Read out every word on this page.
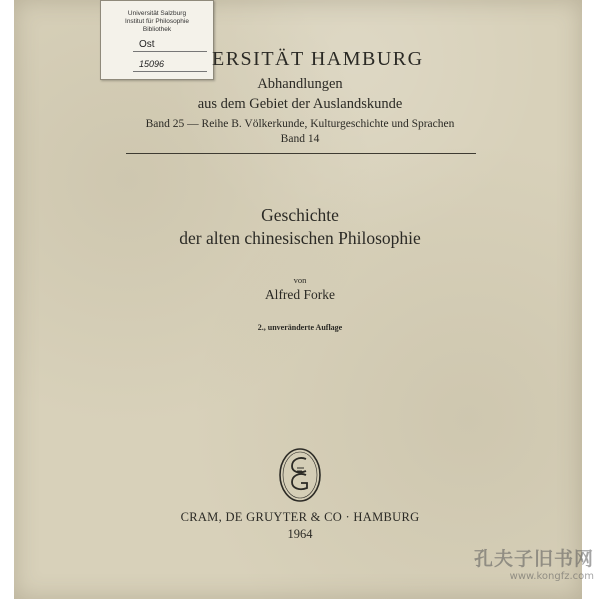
Universität Salzburg
Institut für Philosophie
Bibliothek
Ost
15096 ERSITÄT HAMBURG
Abhandlungen
aus dem Gebiet der Auslandskunde
Band 25 — Reihe B. Völkerkunde, Kulturgeschichte und Sprachen
Band 14
Geschichte
der alten chinesischen Philosophie
von
Alfred Forke
2., unveränderte Auflage
CRAM, DE GRUYTER & CO · HAMBURG
1964
孔夫子旧书网
www.kongfz.com
